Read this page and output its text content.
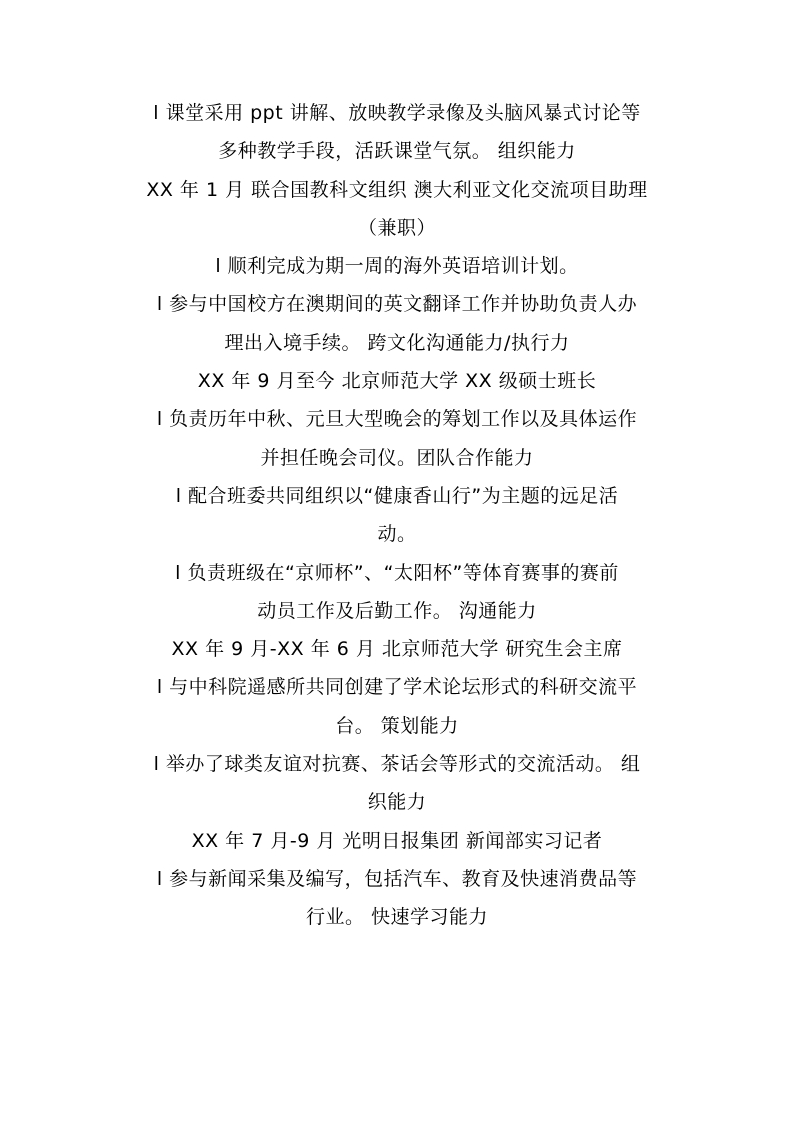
l 课堂采用 ppt 讲解、放映教学录像及头脑风暴式讨论等
多种教学手段，活跃课堂气氛。 组织能力
XX 年 1 月 联合国教科文组织 澳大利亚文化交流项目助理
（兼职）
l 顺利完成为期一周的海外英语培训计划。
l 参与中国校方在澳期间的英文翻译工作并协助负责人办
理出入境手续。 跨文化沟通能力/执行力
XX 年 9 月至今 北京师范大学 XX 级硕士班长
l 负责历年中秋、元旦大型晚会的筹划工作以及具体运作
并担任晚会司仪。团队合作能力
l 配合班委共同组织以“健康香山行”为主题的远足活
动。
l 负责班级在“京师杯”、“太阳杯”等体育赛事的赛前
动员工作及后勤工作。 沟通能力
XX 年 9 月-XX 年 6 月 北京师范大学 研究生会主席
l 与中科院遥感所共同创建了学术论坛形式的科研交流平
台。 策划能力
l 举办了球类友谊对抗赛、茶话会等形式的交流活动。 组
织能力
XX 年 7 月-9 月 光明日报集团 新闻部实习记者
l 参与新闻采集及编写，包括汽车、教育及快速消费品等
行业。 快速学习能力
